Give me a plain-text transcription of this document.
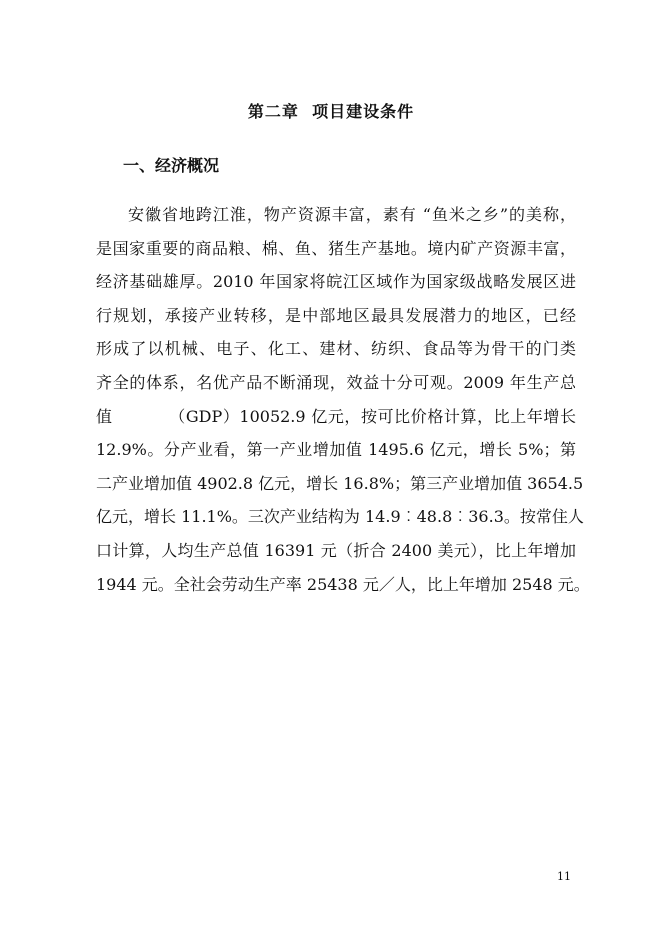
第二章  项目建设条件
一、经济概况

安徽省地跨江淮，物产资源丰富，素有 “鱼米之乡”的美称，

是国家重要的商品粮、棉、鱼、猪生产基地。境内矿产资源丰富，

经济基础雄厚。2010 年国家将皖江区域作为国家级战略发展区进

行规划，承接产业转移，是中部地区最具发展潜力的地区，已经

形成了以机械、电子、化工、建材、纺织、食品等为骨干的门类

齐全的体系，名优产品不断涌现，效益十分可观。2009 年生产总

值          （GDP）10052.9 亿元，按可比价格计算，比上年增长

12.9%。分产业看，第一产业增加值 1495.6 亿元，增长 5%；第

二产业增加值 4902.8 亿元，增长 16.8%；第三产业增加值 3654.5

亿元，增长 11.1%。三次产业结构为 14.9︰48.8︰36.3。按常住人

口计算，人均生产总值 16391 元（折合 2400 美元），比上年增加

1944 元。全社会劳动生产率 25438 元／人，比上年增加 2548 元。

11
